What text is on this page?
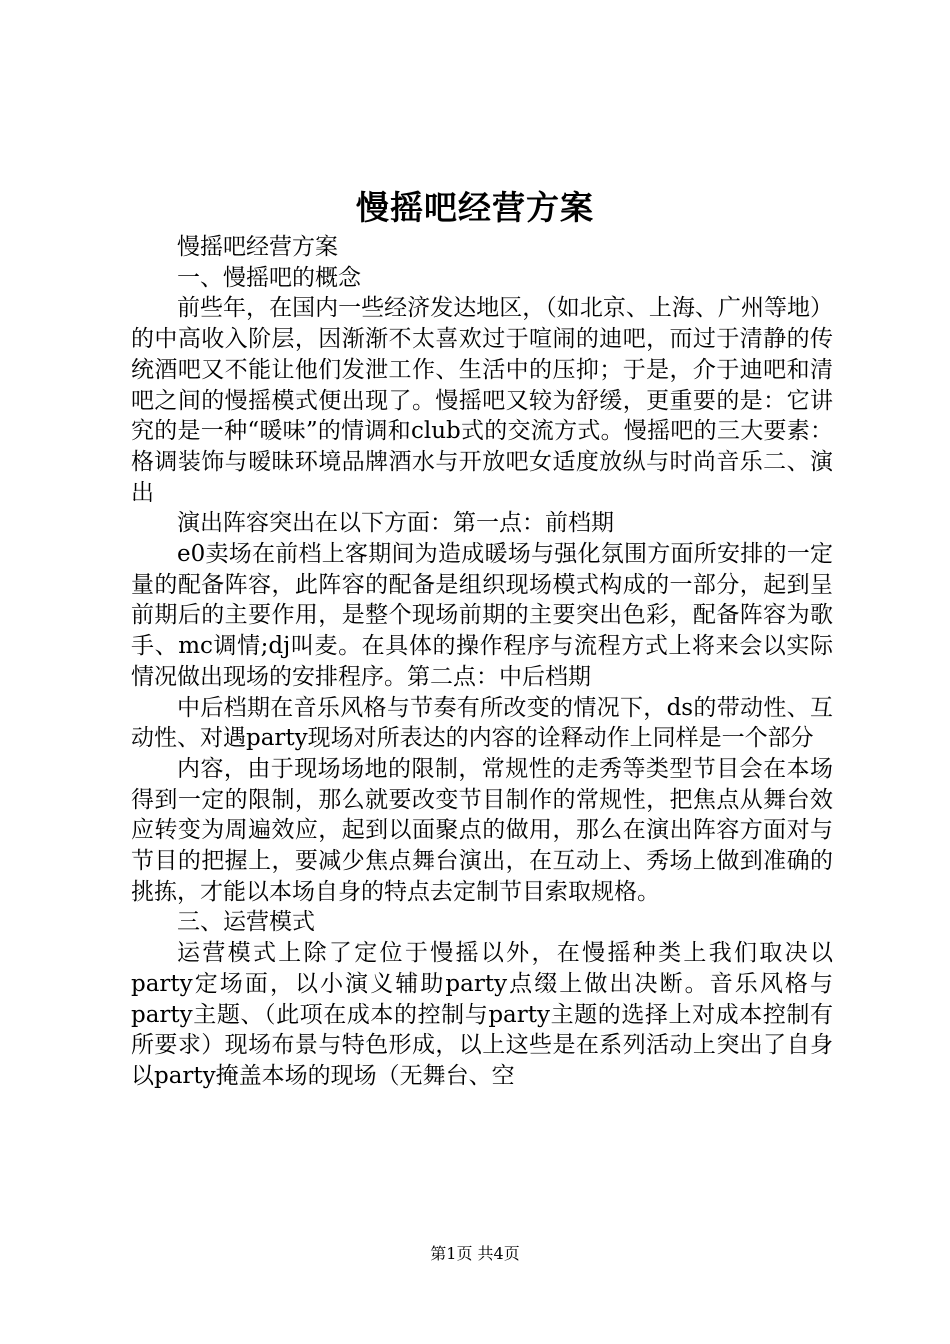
慢摇吧经营方案

慢摇吧经营方案

一、慢摇吧的概念

前些年，在国内一些经济发达地区，（如北京、上海、广州等地）的中高收入阶层，因渐渐不太喜欢过于喧闹的迪吧，而过于清静的传统酒吧又不能让他们发泄工作、生活中的压抑；于是，介于迪吧和清吧之间的慢摇模式便出现了。慢摇吧又较为舒缓，更重要的是：它讲究的是一种“暖味”的情调和club式的交流方式。慢摇吧的三大要素：格调装饰与暧昧环境品牌酒水与开放吧女适度放纵与时尚音乐二、演出

演出阵容突出在以下方面：第一点：前档期

e0卖场在前档上客期间为造成暖场与强化氛围方面所安排的一定量的配备阵容，此阵容的配备是组织现场模式构成的一部分，起到呈前期后的主要作用，是整个现场前期的主要突出色彩，配备阵容为歌手、mc调情;dj叫麦。在具体的操作程序与流程方式上将来会以实际情况做出现场的安排程序。第二点：中后档期

中后档期在音乐风格与节奏有所改变的情况下，ds的带动性、互动性、对遇party现场对所表达的内容的诠释动作上同样是一个部分

内容，由于现场场地的限制，常规性的走秀等类型节目会在本场得到一定的限制，那么就要改变节目制作的常规性，把焦点从舞台效应转变为周遍效应，起到以面聚点的做用，那么在演出阵容方面对与节目的把握上，要减少焦点舞台演出，在互动上、秀场上做到准确的挑拣，才能以本场自身的特点去定制节目索取规格。

三、运营模式

运营模式上除了定位于慢摇以外，在慢摇种类上我们取决以party定场面，以小演义辅助party点缀上做出决断。音乐风格与party主题、（此项在成本的控制与party主题的选择上对成本控制有所要求）现场布景与特色形成，以上这些是在系列活动上突出了自身以party掩盖本场的现场（无舞台、空

第1页 共4页
